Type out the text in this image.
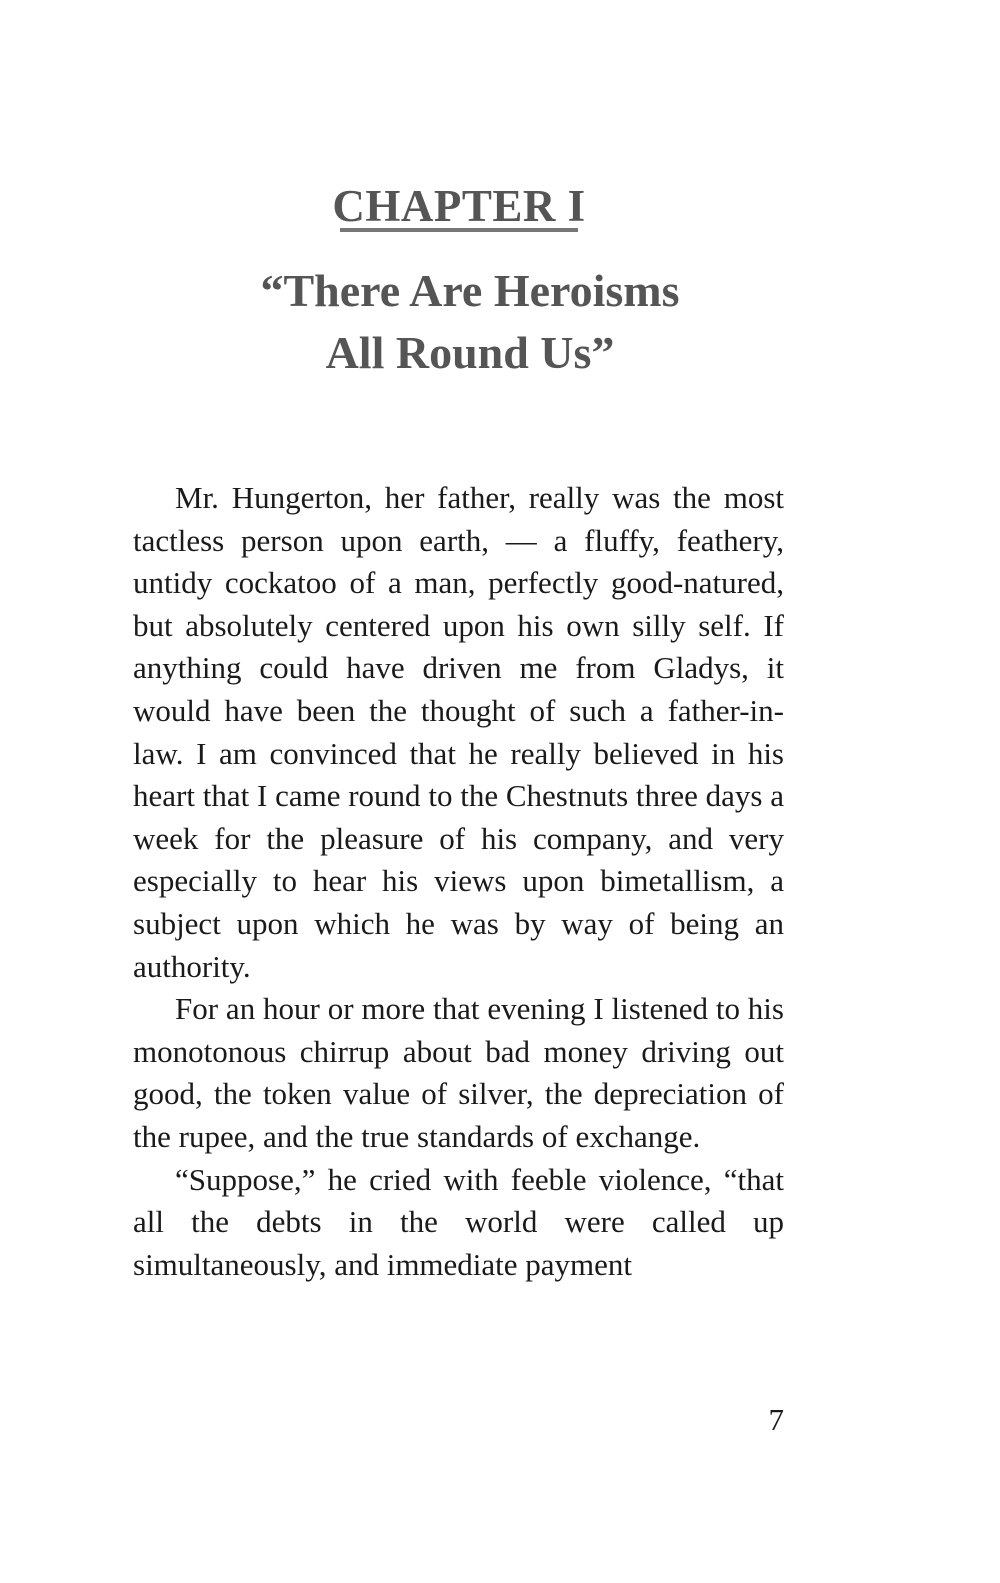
CHAPTER I
“There Are Heroisms
All Round Us”

Mr. Hungerton, her father, really was the most tactless person upon earth, — a fluffy, feathery, untidy cockatoo of a man, perfectly good-natured, but absolutely centered upon his own silly self. If anything could have driven me from Gladys, it would have been the thought of such a father-in-law. I am convinced that he really believed in his heart that I came round to the Chestnuts three days a week for the pleasure of his company, and very especially to hear his views upon bimetallism, a subject upon which he was by way of being an authority.

For an hour or more that evening I listened to his monotonous chirrup about bad money driving out good, the token value of silver, the depreciation of the rupee, and the true standards of exchange.

“Suppose,” he cried with feeble violence, “that all the debts in the world were called up simultaneously, and immediate payment

7
